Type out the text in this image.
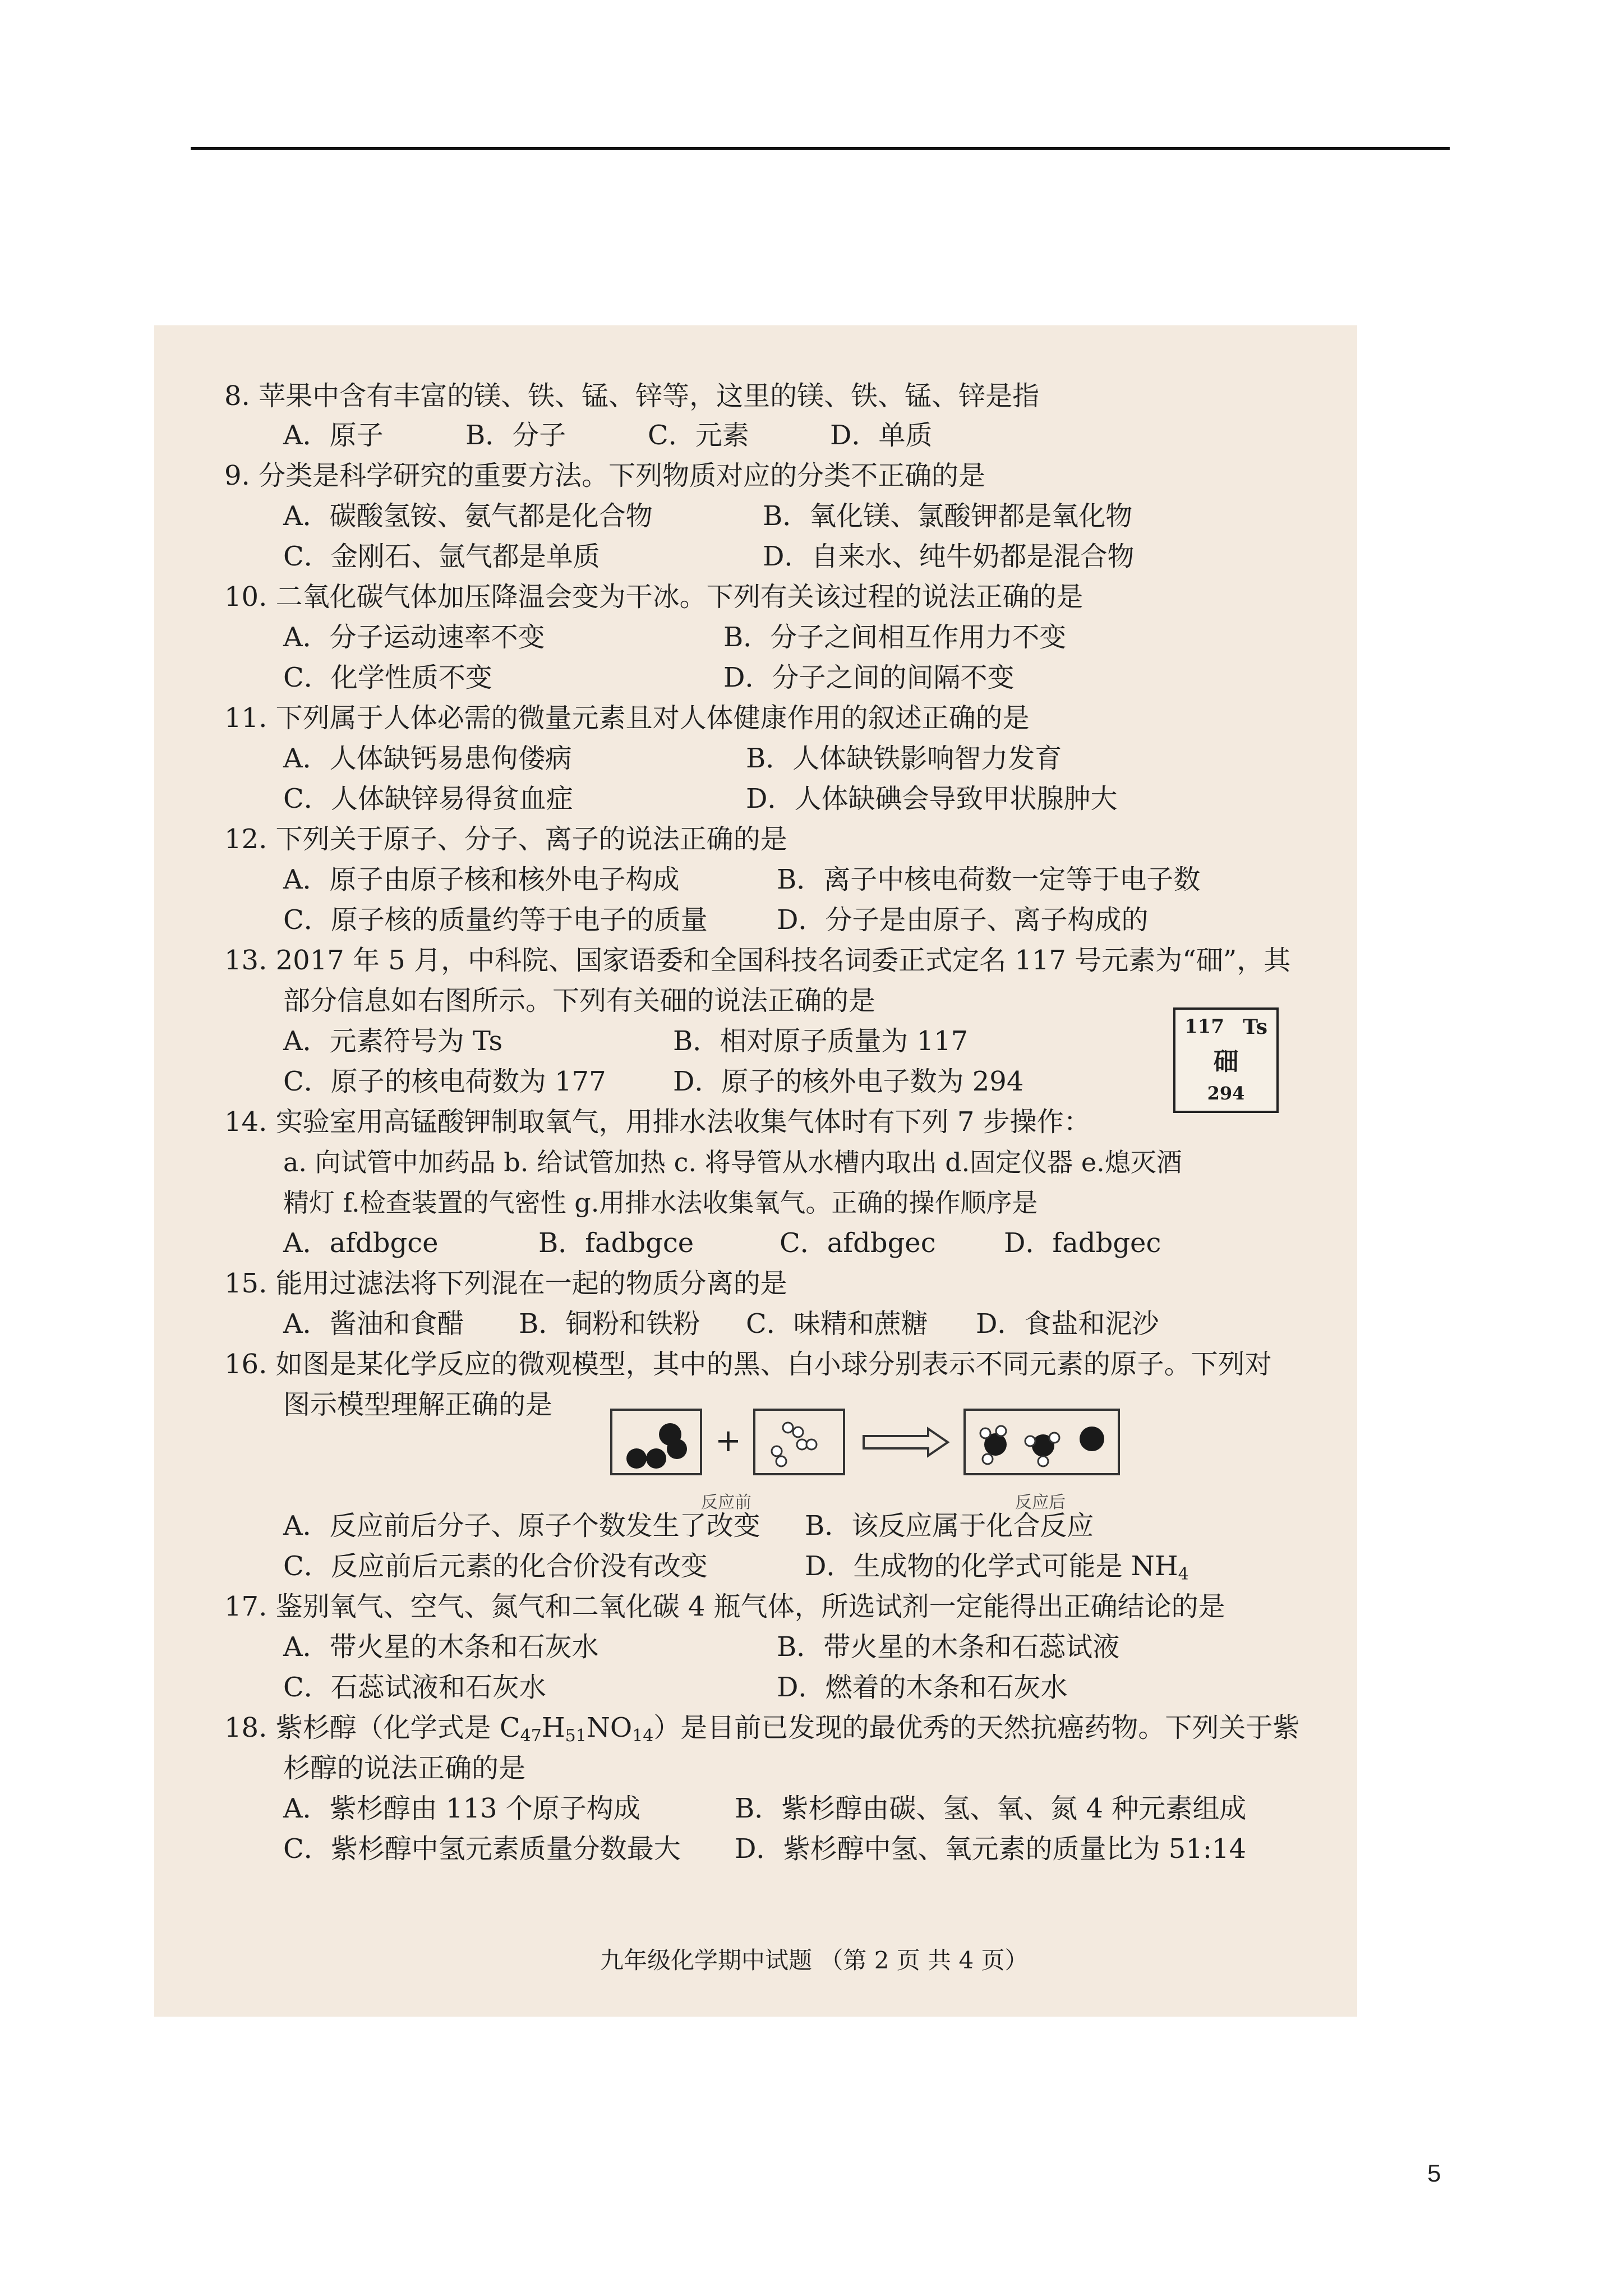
8. 苹果中含有丰富的镁、铁、锰、锌等，这里的镁、铁、锰、锌是指
A．原子	B．分子	C．元素	D．单质
9. 分类是科学研究的重要方法。下列物质对应的分类不正确的是
A．碳酸氢铵、氨气都是化合物	B．氧化镁、氯酸钾都是氧化物
C．金刚石、氩气都是单质	D．自来水、纯牛奶都是混合物
10. 二氧化碳气体加压降温会变为干冰。下列有关该过程的说法正确的是
A．分子运动速率不变	B．分子之间相互作用力不变
C．化学性质不变	D．分子之间的间隔不变
11. 下列属于人体必需的微量元素且对人体健康作用的叙述正确的是
A．人体缺钙易患佝偻病	B．人体缺铁影响智力发育
C．人体缺锌易得贫血症	D．人体缺碘会导致甲状腺肿大
12. 下列关于原子、分子、离子的说法正确的是
A．原子由原子核和核外电子构成	B．离子中核电荷数一定等于电子数
C．原子核的质量约等于电子的质量	D．分子是由原子、离子构成的
13. 2017 年 5 月，中科院、国家语委和全国科技名词委正式定名 117 号元素为“鿬”，其
部分信息如右图所示。下列有关鿬的说法正确的是
A．元素符号为 Ts	B．相对原子质量为 117
C．原子的核电荷数为 177 D．原子的核外电子数为 294
117 Ts
鿬
294
14. 实验室用高锰酸钾制取氧气，用排水法收集气体时有下列 7 步操作：
a. 向试管中加药品 b. 给试管加热 c. 将导管从水槽内取出 d.固定仪器 e.熄灭酒
精灯 f.检查装置的气密性 g.用排水法收集氧气。正确的操作顺序是
A．afdbgce	B．fadbgce	C．afdbgec	D．fadbgec
15. 能用过滤法将下列混在一起的物质分离的是
A．酱油和食醋 B．铜粉和铁粉 C．味精和蔗糖 D．食盐和泥沙
16. 如图是某化学反应的微观模型，其中的黑、白小球分别表示不同元素的原子。下列对
图示模型理解正确的是
+
反应前	反应后
A．反应前后分子、原子个数发生了改变 B．该反应属于化合反应
C．反应前后元素的化合价没有改变	D．生成物的化学式可能是 $NH_4$
17. 鉴别氧气、空气、氮气和二氧化碳 4 瓶气体，所选试剂一定能得出正确结论的是
A．带火星的木条和石灰水	B．带火星的木条和石蕊试液
C．石蕊试液和石灰水	D．燃着的木条和石灰水
18. 紫杉醇（化学式是 $C_{47}H_{51}NO_{14}$）是目前已发现的最优秀的天然抗癌药物。下列关于紫
杉醇的说法正确的是
A．紫杉醇由 113 个原子构成	B．紫杉醇由碳、氢、氧、氮 4 种元素组成
C．紫杉醇中氢元素质量分数最大 D．紫杉醇中氢、氧元素的质量比为 51:14
九年级化学期中试题 （第 2 页 共 4 页）
5
